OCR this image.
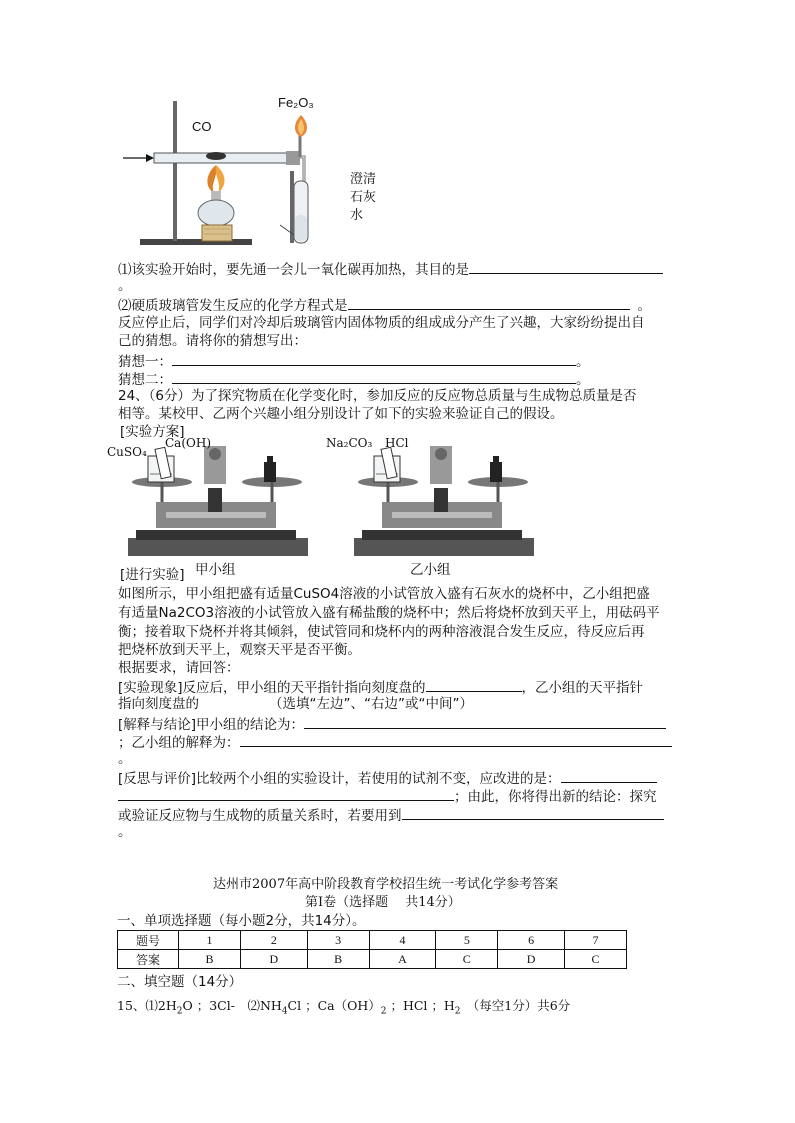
Fe₂O₃
CO
澄清
石灰
水
⑴该实验开始时，要先通一会儿一氧化碳再加热，其目的是
。
⑵硬质玻璃管发生反应的化学方程式是	。
反应停止后，同学们对冷却后玻璃管内固体物质的组成成分产生了兴趣，大家纷纷提出自
己的猜想。请将你的猜想写出：
猜想一：	。
猜想二：	。
24、（6分）为了探究物质在化学变化时，参加反应的反应物总质量与生成物总质量是否
相等。某校甲、乙两个兴趣小组分别设计了如下的实验来验证自己的假设。
[实验方案]
CuSO₄
Ca(OH)
甲小组
Na₂CO₃ HCl
乙小组
[进行实验]
如图所示，甲小组把盛有适量CuSO4溶液的小试管放入盛有石灰水的烧杯中，乙小组把盛
有适量Na2CO3溶液的小试管放入盛有稀盐酸的烧杯中；然后将烧杯放到天平上，用砝码平
衡；接着取下烧杯并将其倾斜，使试管同和烧杯内的两种溶液混合发生反应，待反应后再
把烧杯放到天平上，观察天平是否平衡。
根据要求，请回答：
[实验现象]反应后，甲小组的天平指针指向刻度盘的	，乙小组的天平指针
指向刻度盘的	（选填“左边”、“右边”或“中间”）
[解释与结论]甲小组的结论为：
；乙小组的解释为：
。
[反思与评价]比较两个小组的实验设计，若使用的试剂不变，应改进的是：
；由此，你将得出新的结论：探究
或验证反应物与生成物的质量关系时，若要用到
。
达州市2007年高中阶段教育学校招生统一考试化学参考答案
第Ⅰ卷（选择题　 共14分）
一、单项选择题（每小题2分，共14分）。
题号	1	2	3	4	5	6	7
答案	B	D	B	A	C	D	C
二、填空题（14分）
15、$⑴2H_2O$ ；3Cl-　$⑵NH_4Cl$ ；$Ca(OH)_2$ ；HCl ；$H_2$　（每空1分）共6分
